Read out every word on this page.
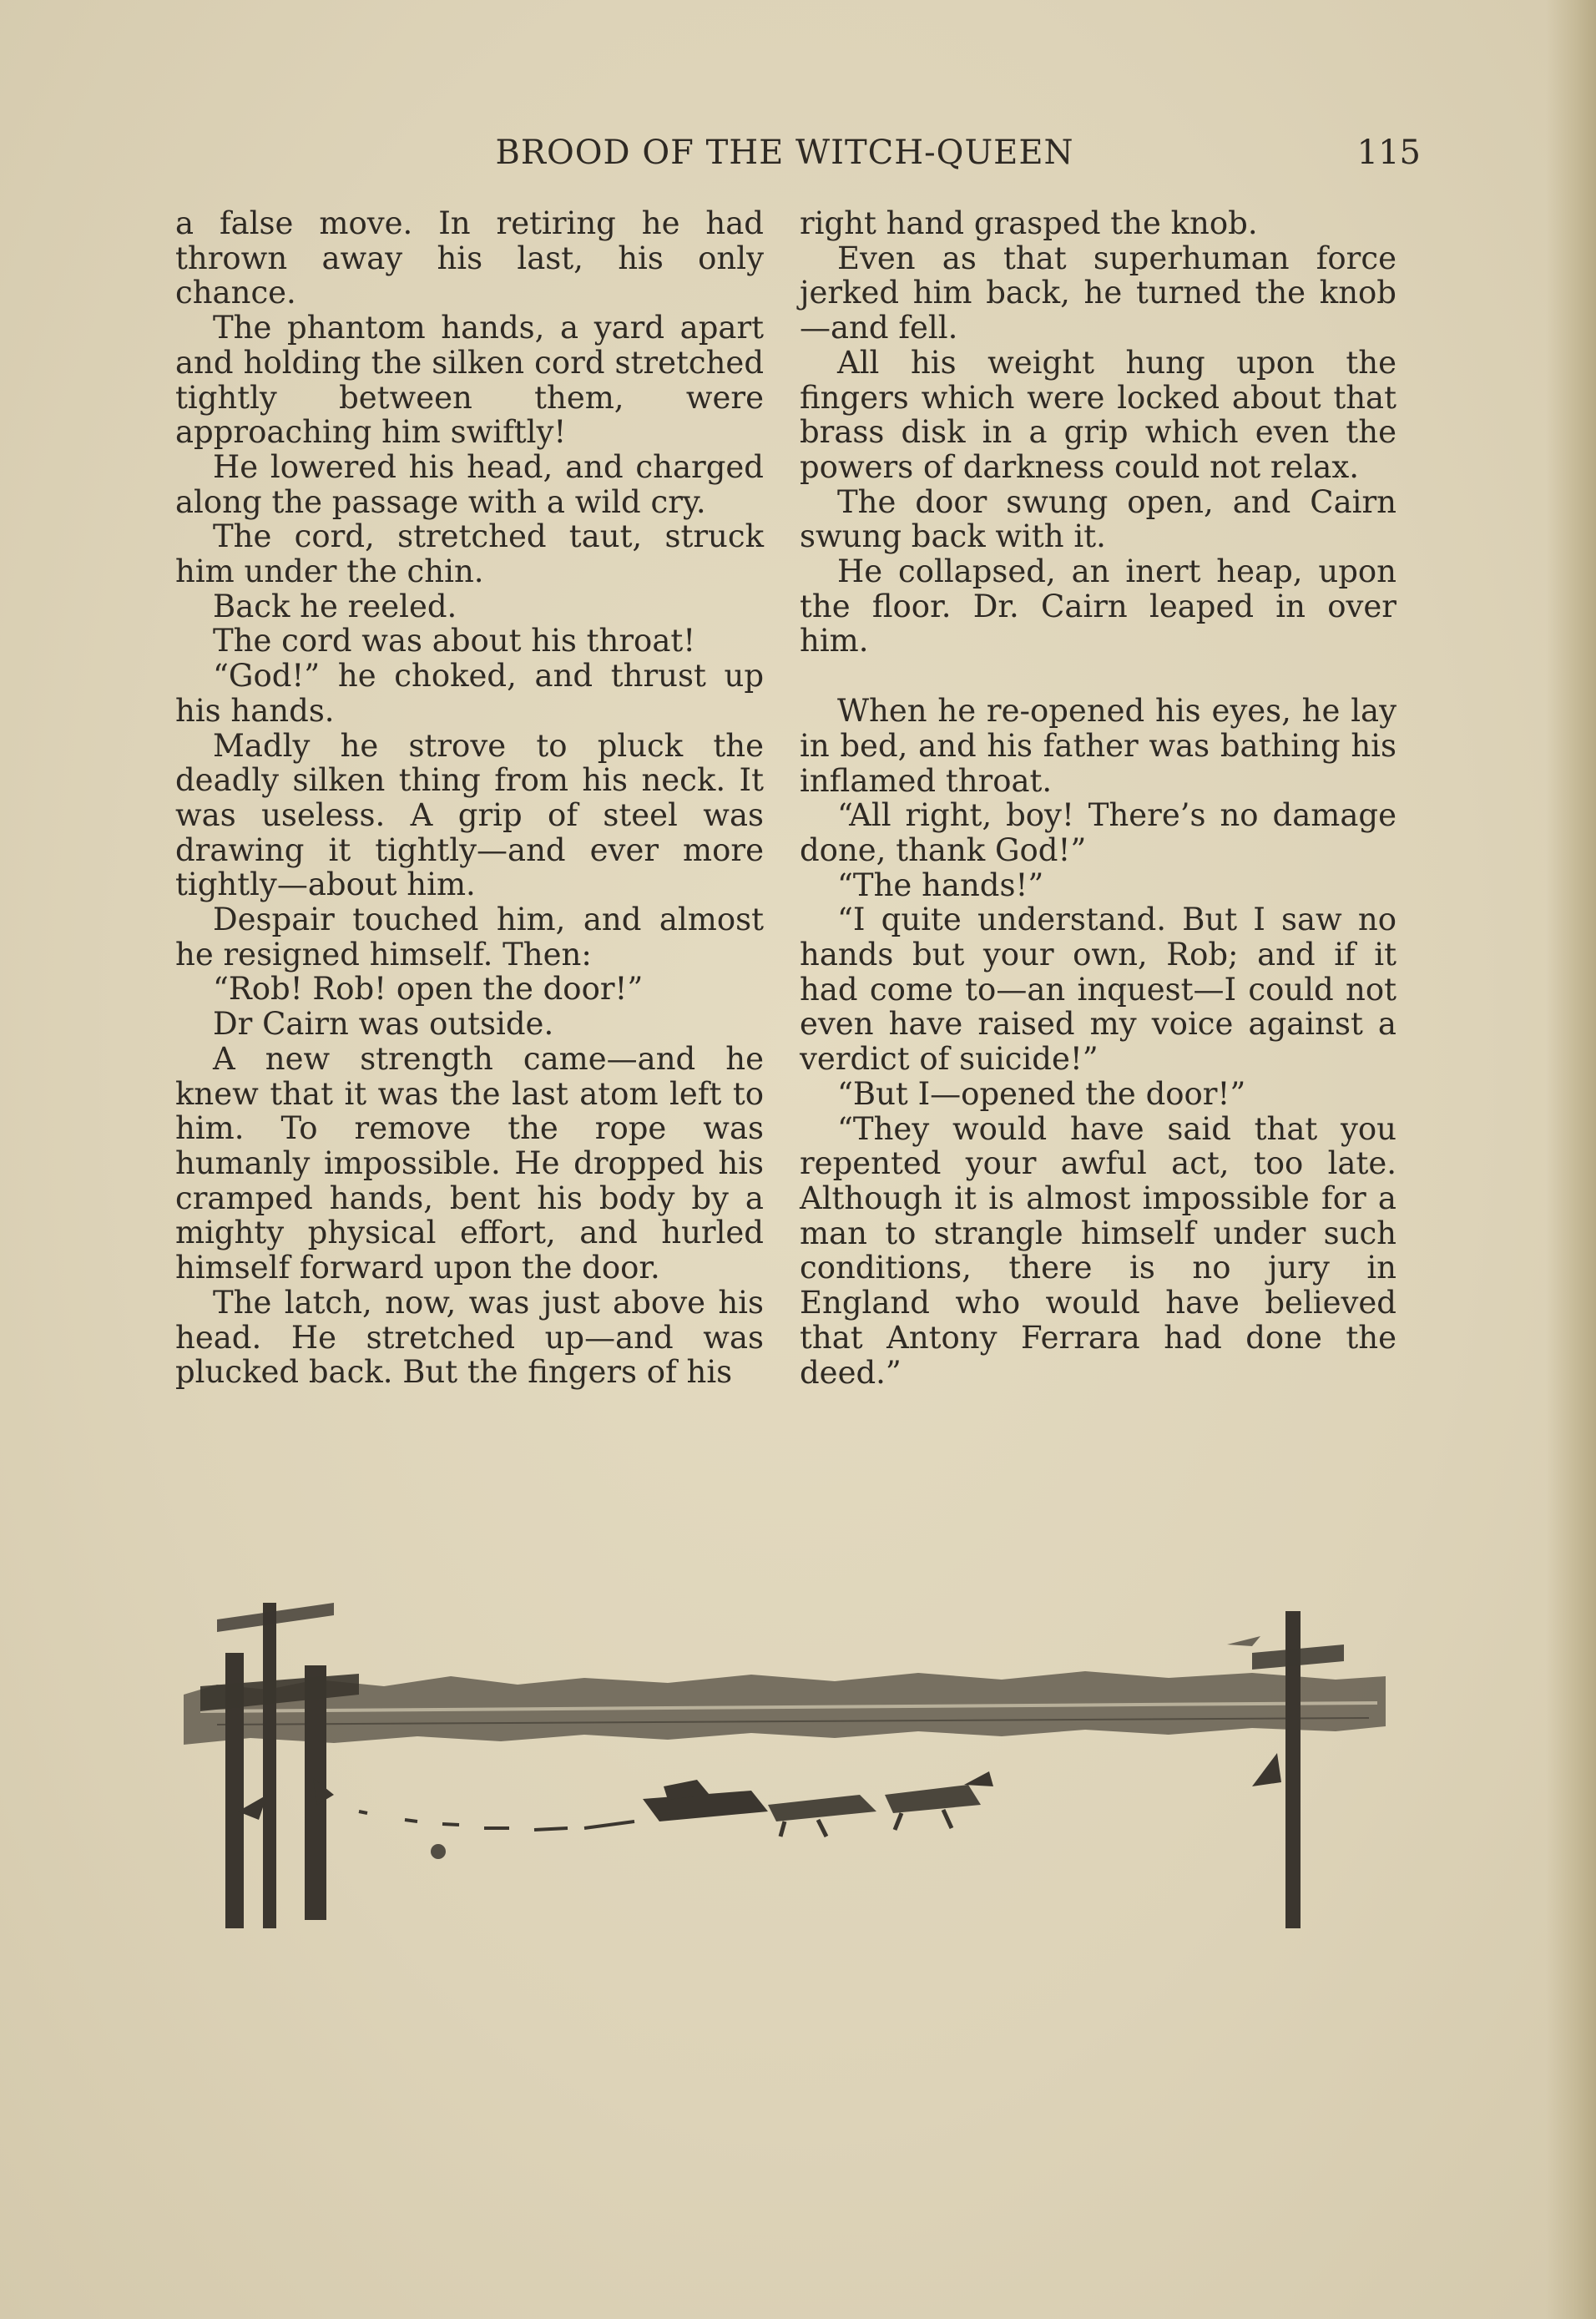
BROOD OF THE WITCH-QUEEN	115

a false move. In retiring he had thrown away his last, his only chance.

The phantom hands, a yard apart and holding the silken cord stretched tightly between them, were approaching him swiftly!

He lowered his head, and charged along the passage with a wild cry.

The cord, stretched taut, struck him under the chin.

Back he reeled.

The cord was about his throat!

“God!” he choked, and thrust up his hands.

Madly he strove to pluck the deadly silken thing from his neck. It was useless. A grip of steel was drawing it tightly—and ever more tightly—about him.

Despair touched him, and almost he resigned himself. Then:

“Rob! Rob! open the door!”

Dr Cairn was outside.

A new strength came—and he knew that it was the last atom left to him. To remove the rope was humanly impossible. He dropped his cramped hands, bent his body by a mighty physical effort, and hurled himself forward upon the door.

The latch, now, was just above his head. He stretched up—and was plucked back. But the fingers of his

right hand grasped the knob.

Even as that superhuman force jerked him back, he turned the knob —and fell.

All his weight hung upon the fingers which were locked about that brass disk in a grip which even the powers of darkness could not relax.

The door swung open, and Cairn swung back with it.

He collapsed, an inert heap, upon the floor. Dr. Cairn leaped in over him.

When he re-opened his eyes, he lay in bed, and his father was bathing his inflamed throat.

“All right, boy! There’s no damage done, thank God!”

“The hands!”

“I quite understand. But I saw no hands but your own, Rob; and if it had come to—an inquest—I could not even have raised my voice against a verdict of suicide!”

“But I—opened the door!”

“They would have said that you repented your awful act, too late. Although it is almost impossible for a man to strangle himself under such conditions, there is no jury in England who would have believed that Antony Ferrara had done the deed.”
